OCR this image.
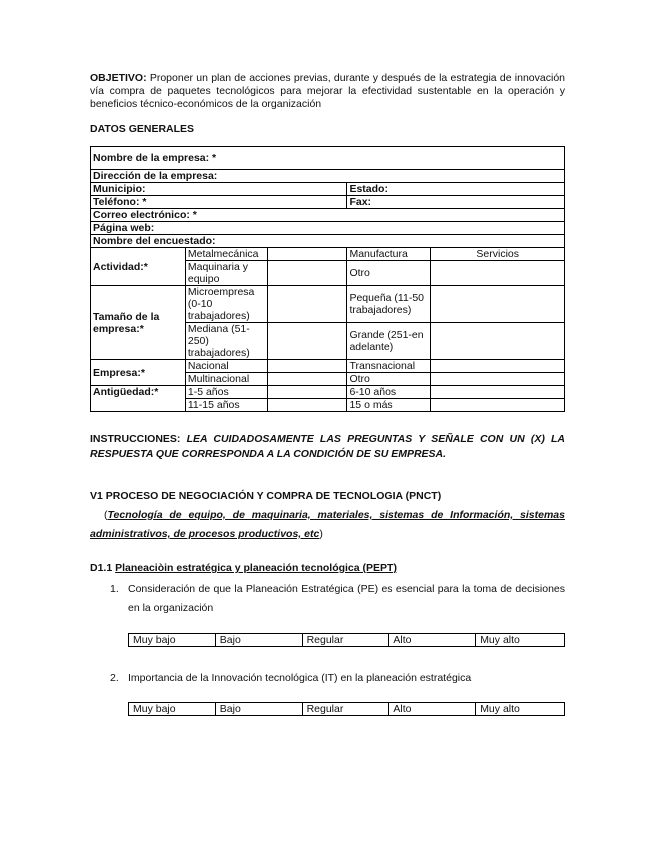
OBJETIVO: Proponer un plan de acciones previas, durante y después de la estrategia de innovación vía compra de paquetes tecnológicos para mejorar la efectividad sustentable en la operación y beneficios técnico-económicos de la organización

DATOS GENERALES

Nombre de la empresa: *				
Dirección de la empresa:				
Municipio:			Estado:	
Teléfono: *			Fax:	
Correo electrónico: *				
Página web:				
Nombre del encuestado:				
Actividad:*	Metalmecánica		Manufactura	Servicios
	Maquinaria y equipo		Otro	
Tamaño de la empresa:*	Microempresa (0-10 trabajadores)		Pequeña (11-50 trabajadores)	
	Mediana (51-250) trabajadores)		Grande (251-en adelante)	
Empresa:*	Nacional		Transnacional	
	Multinacional		Otro	
Antigüedad:*	1-5 años		6-10 años	
	11-15 años		15 o más	

INSTRUCCIONES: LEA CUIDADOSAMENTE LAS PREGUNTAS Y SEÑALE CON UN (X) LA RESPUESTA QUE CORRESPONDA A LA CONDICIÓN DE SU EMPRESA.

V1 PROCESO DE NEGOCIACIÓN Y COMPRA DE TECNOLOGIA (PNCT)

(Tecnología de equipo, de maquinaria, materiales, sistemas de Información, sistemas administrativos, de procesos productivos, etc)

D1.1 Planeaciòin estratégica y planeación tecnológica (PEPT)

1. Consideración de que la Planeación Estratégica (PE) es esencial para la toma de decisiones en la organización

Muy bajo	Bajo	Regular	Alto	Muy alto

2. Importancia de la Innovación tecnológica (IT) en la planeación estratégica

Muy bajo	Bajo	Regular	Alto	Muy alto
